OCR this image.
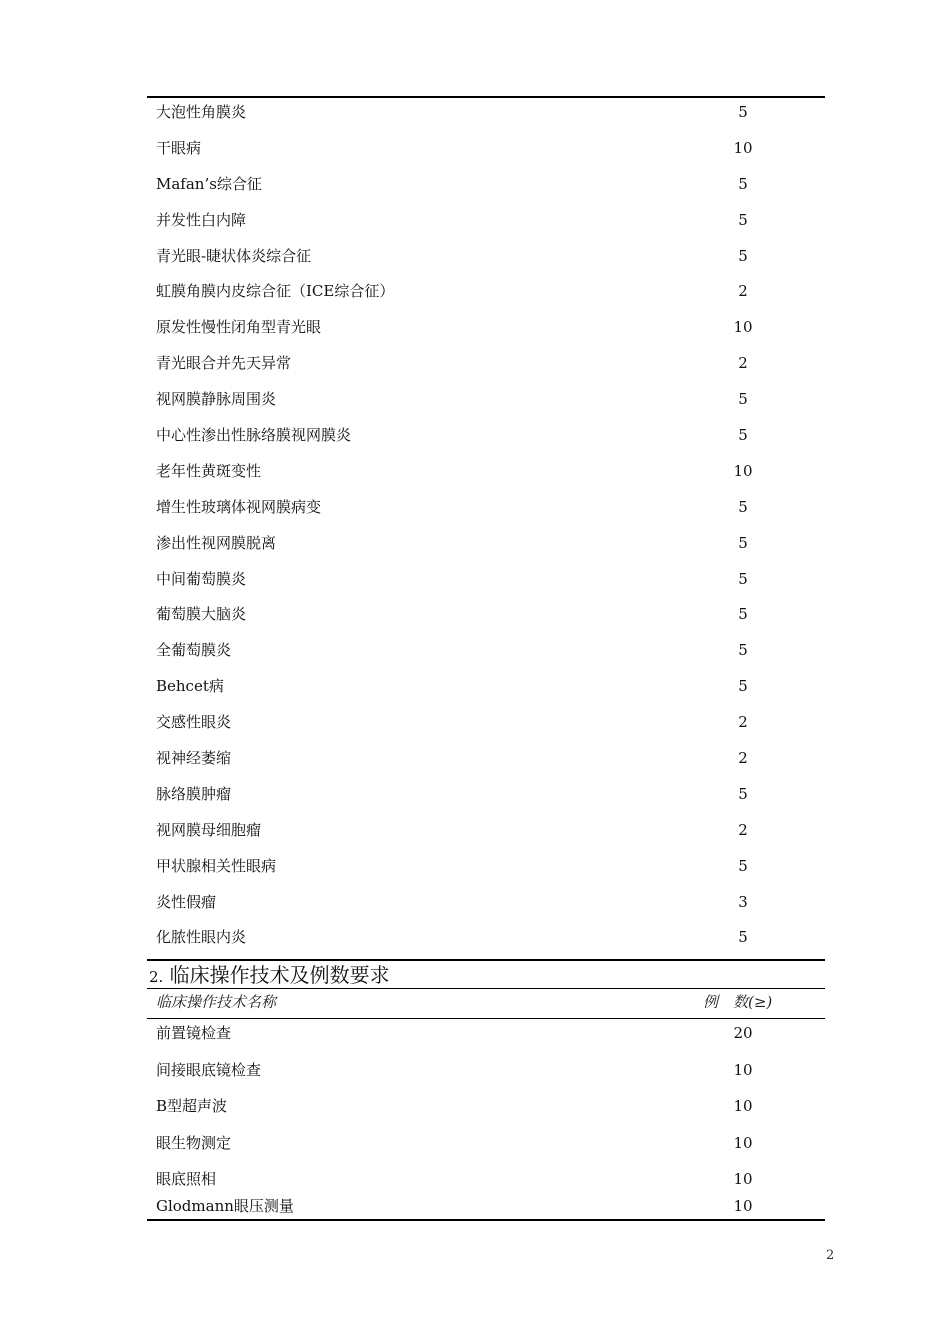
大泡性角膜炎	5
干眼病	10
Mafan’s综合征	5
并发性白内障	5
青光眼-睫状体炎综合征	5
虹膜角膜内皮综合征（ICE综合征）	2
原发性慢性闭角型青光眼	10
青光眼合并先天异常	2
视网膜静脉周围炎	5
中心性渗出性脉络膜视网膜炎	5
老年性黄斑变性	10
增生性玻璃体视网膜病变	5
渗出性视网膜脱离	5
中间葡萄膜炎	5
葡萄膜大脑炎	5
全葡萄膜炎	5
Behcet病	5
交感性眼炎	2
视神经萎缩	2
脉络膜肿瘤	5
视网膜母细胞瘤	2
甲状腺相关性眼病	5
炎性假瘤	3
化脓性眼内炎	5
2. 临床操作技术及例数要求
临床操作技术名称	例　数(≥)
前置镜检查	20
间接眼底镜检查	10
B型超声波	10
眼生物测定	10
眼底照相	10
Glodmann眼压测量	10
2
